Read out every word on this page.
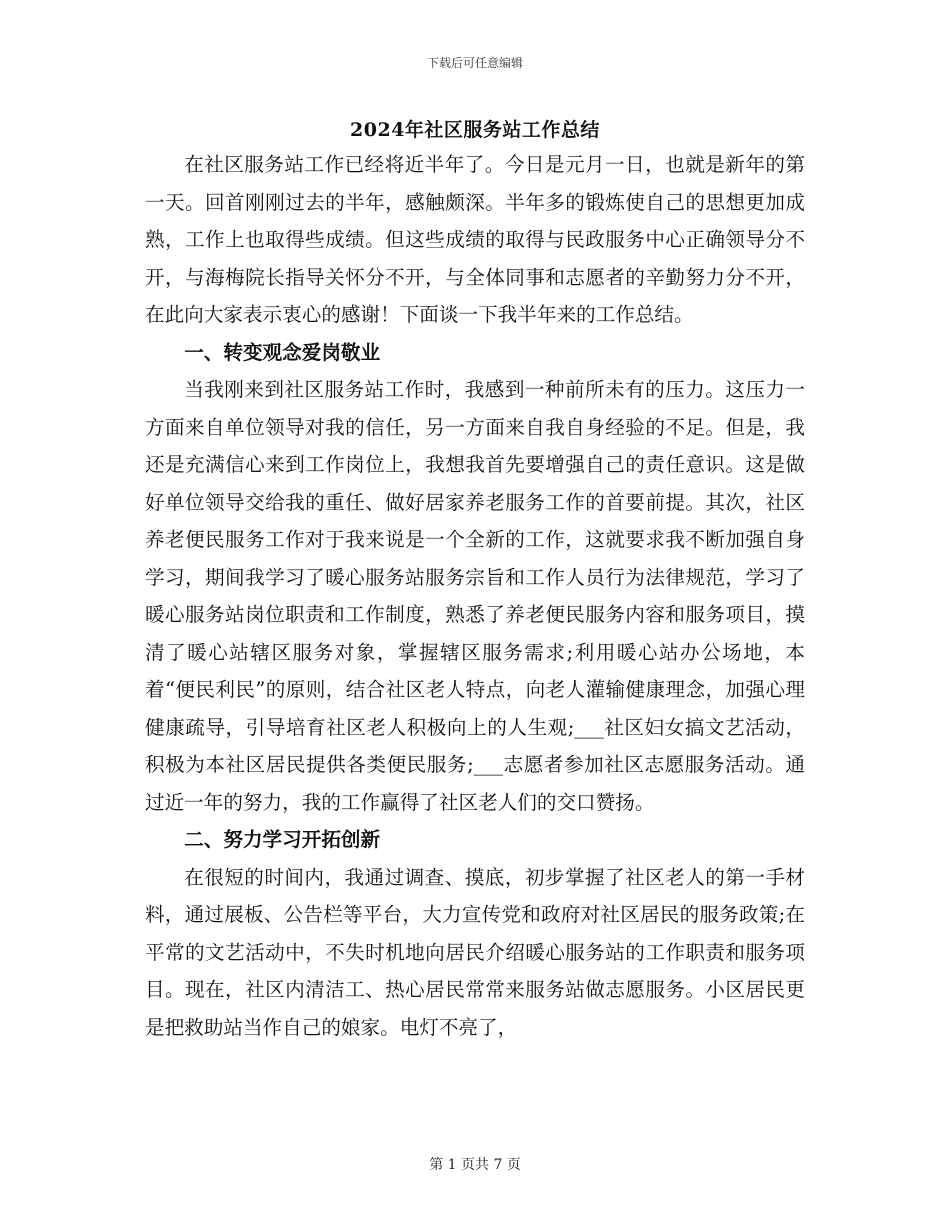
下载后可任意编辑
2024年社区服务站工作总结

在社区服务站工作已经将近半年了。今日是元月一日，也就是新年的第一天。回首刚刚过去的半年，感触颇深。半年多的锻炼使自己的思想更加成熟，工作上也取得些成绩。但这些成绩的取得与民政服务中心正确领导分不开，与海梅院长指导关怀分不开，与全体同事和志愿者的辛勤努力分不开，在此向大家表示衷心的感谢！下面谈一下我半年来的工作总结。

一、转变观念爱岗敬业

当我刚来到社区服务站工作时，我感到一种前所未有的压力。这压力一方面来自单位领导对我的信任，另一方面来自我自身经验的不足。但是，我还是充满信心来到工作岗位上，我想我首先要增强自己的责任意识。这是做好单位领导交给我的重任、做好居家养老服务工作的首要前提。其次，社区养老便民服务工作对于我来说是一个全新的工作，这就要求我不断加强自身学习，期间我学习了暖心服务站服务宗旨和工作人员行为法律规范，学习了暖心服务站岗位职责和工作制度，熟悉了养老便民服务内容和服务项目，摸清了暖心站辖区服务对象，掌握辖区服务需求;利用暖心站办公场地，本着“便民利民”的原则，结合社区老人特点，向老人灌输健康理念，加强心理健康疏导，引导培育社区老人积极向上的人生观;___社区妇女搞文艺活动，积极为本社区居民提供各类便民服务;___志愿者参加社区志愿服务活动。通过近一年的努力，我的工作赢得了社区老人们的交口赞扬。

二、努力学习开拓创新

在很短的时间内，我通过调查、摸底，初步掌握了社区老人的第一手材料，通过展板、公告栏等平台，大力宣传党和政府对社区居民的服务政策;在平常的文艺活动中，不失时机地向居民介绍暖心服务站的工作职责和服务项目。现在，社区内清洁工、热心居民常常来服务站做志愿服务。小区居民更是把救助站当作自己的娘家。电灯不亮了，

第 1 页共 7 页
